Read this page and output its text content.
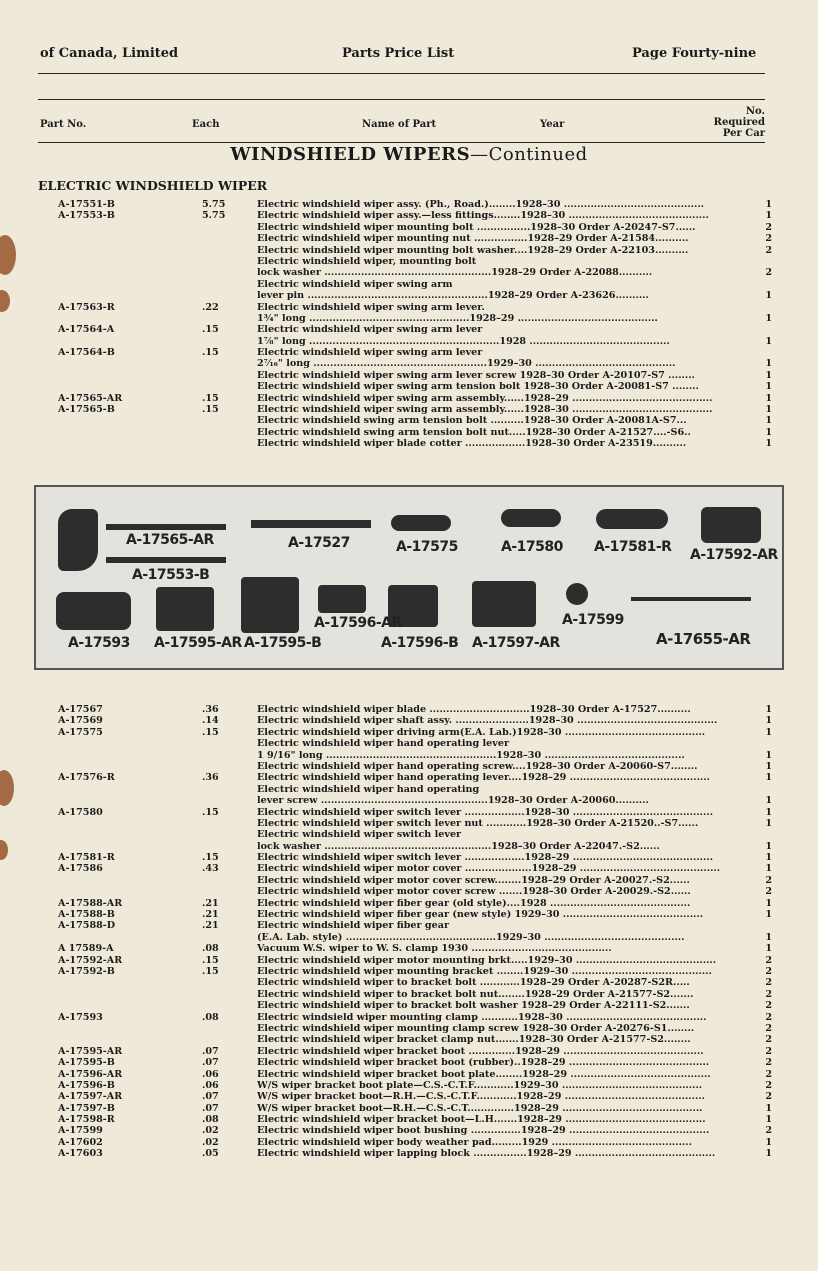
of Canada, Limited	Parts Price List	Page Fourty-nine
Part No.	Each	Name of Part	Year
No.
Required
Per Car
WINDSHIELD WIPERS—Continued
ELECTRIC WINDSHIELD WIPER
A-17551-B	5.75	Electric windshield wiper assy. (Ph., Road.)........1928–30 ..........................................	1
A-17553-B	5.75	Electric windshield wiper assy.—less fittings........1928–30 ..........................................	1
Electric windshield wiper mounting bolt ................1928–30 Order A-20247-S7......	2
Electric windshield wiper mounting nut ................1928–29 Order A-21584..........	2
Electric windshield wiper mounting bolt washer....1928–29 Order A-22103..........	2
Electric windshield wiper, mounting bolt
lock washer ..................................................1928–29 Order A-22088..........	2
Electric windshield wiper swing arm
lever pin ......................................................1928–29 Order A-23626..........	1
A-17563-R	.22	Electric windshield wiper swing arm lever.
1¾" long ................................................1928–29 ..........................................	1
A-17564-A	.15	Electric windshield wiper swing arm lever
1⅞" long .........................................................1928 ..........................................	1
A-17564-B	.15	Electric windshield wiper swing arm lever
2⁷⁄₁₆" long ....................................................1929–30 ..........................................	1
Electric windshield wiper swing arm lever screw 1928–30 Order A-20107-S7 ........	1
Electric windshield wiper swing arm tension bolt 1928–30 Order A-20081-S7 ........	1
A-17565-AR	.15	Electric windshield wiper swing arm assembly......1928–29 ..........................................	1
A-17565-B	.15	Electric windshield wiper swing arm assembly......1928–30 ..........................................	1
Electric windshield swing arm tension bolt ..........1928–30 Order A-20081A-S7...	1
Electric windshield swing arm tension bolt nut.....1928–30 Order A-21527....-S6..	1
Electric windshield wiper blade cotter ..................1928–30 Order A-23519..........	1
A-17565-AR	A-17527	A-17575	A-17580 A-17581-R A-17592-AR
A-17553-B
A-17593 A-17595-AR A-17595-B
A-17596-AR
A-17596-B A-17597-AR
A-17599
A-17655-AR
A-17567	.36	Electric windshield wiper blade ..............................1928–30 Order A-17527..........	1
A-17569	.14	Electric windshield wiper shaft assy. ......................1928–30 ..........................................	1
A-17575	.15	Electric windshield wiper driving arm(E.A. Lab.)1928–30 ..........................................	1
Electric windshield wiper hand operating lever
1 9/16" long ...................................................1928–30 ..........................................	1
Electric windshield wiper hand operating screw....1928–30 Order A-20060-S7........	1
A-17576-R	.36	Electric windshield wiper hand operating lever....1928–29 ..........................................	1
Electric windshield wiper hand operating
lever screw ..................................................1928–30 Order A-20060..........	1
A-17580	.15	Electric windshield wiper switch lever ..................1928–30 ..........................................	1
Electric windshield wiper switch lever nut ............1928–30 Order A-21520..-S7......	1
Electric windshield wiper switch lever
lock washer ..................................................1928–30 Order A-22047.-S2......	1
A-17581-R	.15	Electric windshield wiper switch lever ..................1928–29 ..........................................	1
A-17586	.43	Electric windshield wiper motor cover ....................1928–29 ..........................................	1
Electric windshield wiper motor cover screw........1928–29 Order A-20027.-S2......	2
Electric windshield wiper motor cover screw .......1928–30 Order A-20029.-S2......	2
A-17588-AR	.21	Electric windshield wiper fiber gear (old style)....1928 ..........................................	1
A-17588-B	.21	Electric windshield wiper fiber gear (new style) 1929–30 ..........................................	1
A-17588-D	.21	Electric windshield wiper fiber gear
(E.A. Lab. style) .............................................1929–30 ..........................................	1
A 17589-A	.08	Vacuum W.S. wiper to W. S. clamp 1930 ..........................................	1
A-17592-AR	.15	Electric windshield wiper motor mounting brkt.....1929–30 ..........................................	2
A-17592-B	.15	Electric windshield wiper mounting bracket ........1929–30 ..........................................	2
Electric windshield wiper to bracket bolt ............1928–29 Order A-20287-S2R.....	2
Electric windshield wiper to bracket bolt nut........1928–29 Order A-21577-S2.......	2
Electric windshield wiper to bracket bolt washer 1928–29 Order A-22111-S2.......	2
A-17593	.08	Electric windsield wiper mounting clamp ...........1928–30 ..........................................	2
Electric windshield wiper mounting clamp screw 1928–30 Order A-20276-S1........	2
Electric windshield wiper bracket clamp nut.......1928–30 Order A-21577-S2........	2
A-17595-AR	.07	Electric windshield wiper bracket boot ..............1928–29 ..........................................	2
A-17595-B	.07	Electric windshield wiper bracket boot (rubber)..1928–29 ..........................................	2
A-17596-AR	.06	Electric windshield wiper bracket boot plate........1928–29 ..........................................	2
A-17596-B	.06	W/S wiper bracket boot plate—C.S.-C.T.F............1929–30 ..........................................	2
A-17597-AR	.07	W/S wiper bracket boot—R.H.—C.S.-C.T.F............1928–29 ..........................................	2
A-17597-B	.07	W/S wiper bracket boot—R.H.—C.S.-C.T..............1928–29 ..........................................	1
A-17598-R	.08	Electric windshield wiper bracket boot—L.H.......1928–29 ..........................................	1
A-17599	.02	Electric windshield wiper boot bushing ...............1928–29 ..........................................	2
A-17602	.02	Electric windshield wiper body weather pad.........1929 ..........................................	1
A-17603	.05	Electric windshield wiper lapping block ................1928–29 ..........................................	1
